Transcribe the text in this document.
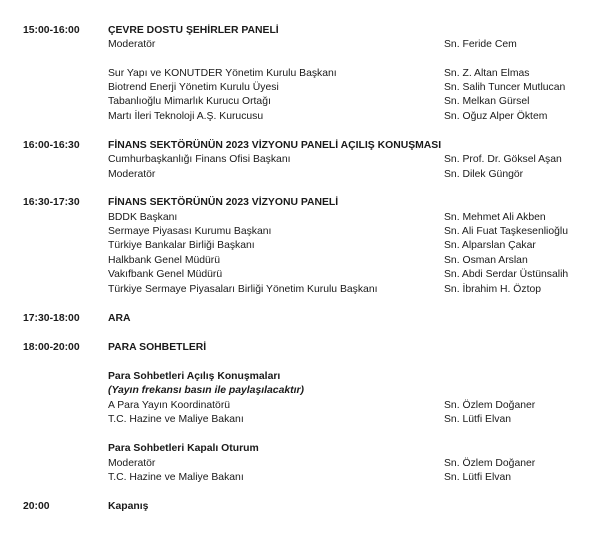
15:00-16:00	ÇEVRE DOSTU ŞEHİRLER PANELİ
Moderatör	Sn. Feride Cem
Sur Yapı ve KONUTDER Yönetim Kurulu Başkanı	Sn. Z. Altan Elmas
Biotrend Enerji Yönetim Kurulu Üyesi	Sn. Salih Tuncer Mutlucan
Tabanlıoğlu Mimarlık Kurucu Ortağı	Sn. Melkan Gürsel
Martı İleri Teknoloji A.Ş. Kurucusu	Sn. Oğuz Alper Öktem
16:00-16:30	FİNANS SEKTÖRÜNÜN 2023 VİZYONU PANELİ AÇILIŞ KONUŞMASI
Cumhurbaşkanlığı Finans Ofisi Başkanı	Sn. Prof. Dr. Göksel Aşan
Moderatör	Sn. Dilek Güngör
16:30-17:30	FİNANS SEKTÖRÜNÜN 2023 VİZYONU PANELİ
BDDK Başkanı	Sn. Mehmet Ali Akben
Sermaye Piyasası Kurumu Başkanı	Sn. Ali Fuat Taşkesenlioğlu
Türkiye Bankalar Birliği Başkanı	Sn. Alparslan Çakar
Halkbank Genel Müdürü	Sn. Osman Arslan
Vakıfbank Genel Müdürü	Sn. Abdi Serdar Üstünsalih
Türkiye Sermaye Piyasaları Birliği Yönetim Kurulu Başkanı	Sn. İbrahim H. Öztop
17:30-18:00	ARA
18:00-20:00	PARA SOHBETLERİ
Para Sohbetleri Açılış Konuşmaları
(Yayın frekansı basın ile paylaşılacaktır)
A Para Yayın Koordinatörü	Sn. Özlem Doğaner
T.C. Hazine ve Maliye Bakanı	Sn. Lütfi Elvan
Para Sohbetleri Kapalı Oturum
Moderatör	Sn. Özlem Doğaner
T.C. Hazine ve Maliye Bakanı	Sn. Lütfi Elvan
20:00	Kapanış
